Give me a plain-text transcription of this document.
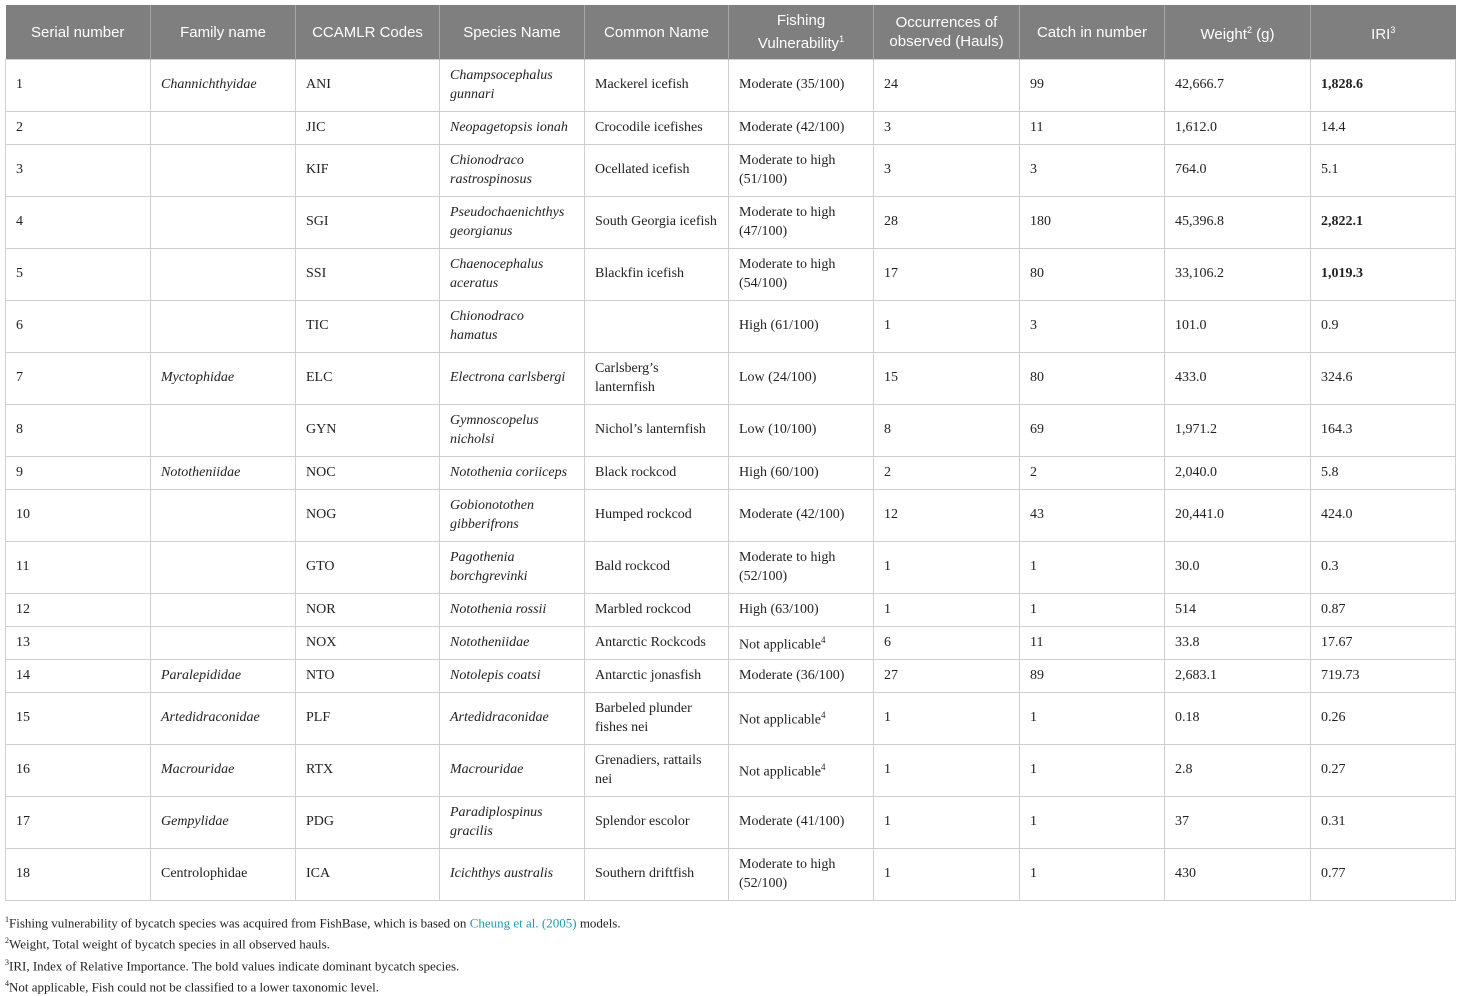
Serial number	Family name	CCAMLR Codes	Species Name	Common Name	Fishing Vulnerability$^1$	Occurrences of observed (Hauls)	Catch in number	Weight$^2$ (g)	IRI$^3$
1	Channichthyidae	ANI	Champsocephalus gunnari	Mackerel icefish	Moderate (35/100)	24	99	42,666.7	1,828.6
2		JIC	Neopagetopsis ionah	Crocodile icefishes	Moderate (42/100)	3	11	1,612.0	14.4
3		KIF	Chionodraco rastrospinosus	Ocellated icefish	Moderate to high (51/100)	3	3	764.0	5.1
4		SGI	Pseudochaenichthys georgianus	South Georgia icefish	Moderate to high (47/100)	28	180	45,396.8	2,822.1
5		SSI	Chaenocephalus aceratus	Blackfin icefish	Moderate to high (54/100)	17	80	33,106.2	1,019.3
6		TIC	Chionodraco hamatus		High (61/100)	1	3	101.0	0.9
7	Myctophidae	ELC	Electrona carlsbergi	Carlsberg’s lanternfish	Low (24/100)	15	80	433.0	324.6
8		GYN	Gymnoscopelus nicholsi	Nichol’s lanternfish	Low (10/100)	8	69	1,971.2	164.3
9	Nototheniidae	NOC	Notothenia coriiceps	Black rockcod	High (60/100)	2	2	2,040.0	5.8
10		NOG	Gobionotothen gibberifrons	Humped rockcod	Moderate (42/100)	12	43	20,441.0	424.0
11		GTO	Pagothenia borchgrevinki	Bald rockcod	Moderate to high (52/100)	1	1	30.0	0.3
12		NOR	Notothenia rossii	Marbled rockcod	High (63/100)	1	1	514	0.87
13		NOX	Nototheniidae	Antarctic Rockcods	Not applicable$^4$	6	11	33.8	17.67
14	Paralepididae	NTO	Notolepis coatsi	Antarctic jonasfish	Moderate (36/100)	27	89	2,683.1	719.73
15	Artedidraconidae	PLF	Artedidraconidae	Barbeled plunder fishes nei	Not applicable$^4$	1	1	0.18	0.26
16	Macrouridae	RTX	Macrouridae	Grenadiers, rattails nei	Not applicable$^4$	1	1	2.8	0.27
17	Gempylidae	PDG	Paradiplospinus gracilis	Splendor escolor	Moderate (41/100)	1	1	37	0.31
18	Centrolophidae	ICA	Icichthys australis	Southern driftfish	Moderate to high (52/100)	1	1	430	0.77

$^1$Fishing vulnerability of bycatch species was acquired from FishBase, which is based on Cheung et al. (2005) models.

$^2$Weight, Total weight of bycatch species in all observed hauls.

$^3$IRI, Index of Relative Importance. The bold values indicate dominant bycatch species.

$^4$Not applicable, Fish could not be classified to a lower taxonomic level.
